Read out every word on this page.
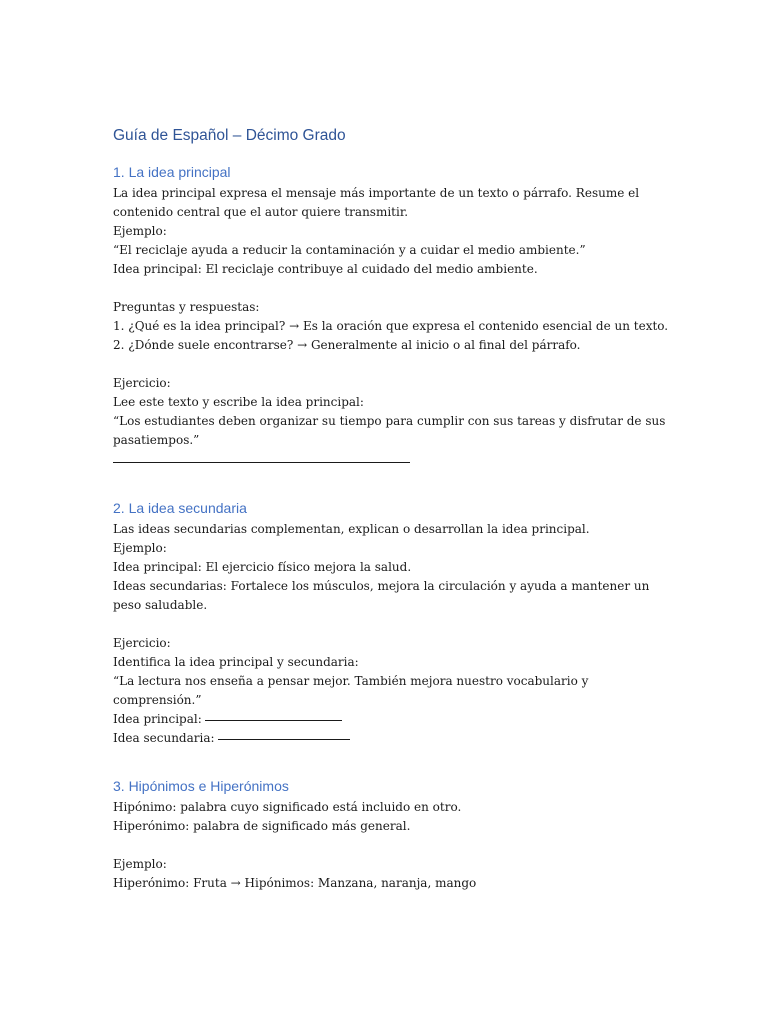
Guía de Español – Décimo Grado
1. La idea principal

La idea principal expresa el mensaje más importante de un texto o párrafo. Resume el contenido central que el autor quiere transmitir.

Ejemplo:

“El reciclaje ayuda a reducir la contaminación y a cuidar el medio ambiente.”

Idea principal: El reciclaje contribuye al cuidado del medio ambiente.

Preguntas y respuestas:

1. ¿Qué es la idea principal? → Es la oración que expresa el contenido esencial de un texto.

2. ¿Dónde suele encontrarse? → Generalmente al inicio o al final del párrafo.

Ejercicio:

Lee este texto y escribe la idea principal:

“Los estudiantes deben organizar su tiempo para cumplir con sus tareas y disfrutar de sus pasatiempos.”

2. La idea secundaria

Las ideas secundarias complementan, explican o desarrollan la idea principal.

Ejemplo:

Idea principal: El ejercicio físico mejora la salud.

Ideas secundarias: Fortalece los músculos, mejora la circulación y ayuda a mantener un peso saludable.

Ejercicio:

Identifica la idea principal y secundaria:

“La lectura nos enseña a pensar mejor. También mejora nuestro vocabulario y comprensión.”

Idea principal:

Idea secundaria:

3. Hipónimos e Hiperónimos

Hipónimo: palabra cuyo significado está incluido en otro.

Hiperónimo: palabra de significado más general.

Ejemplo:

Hiperónimo: Fruta → Hipónimos: Manzana, naranja, mango
